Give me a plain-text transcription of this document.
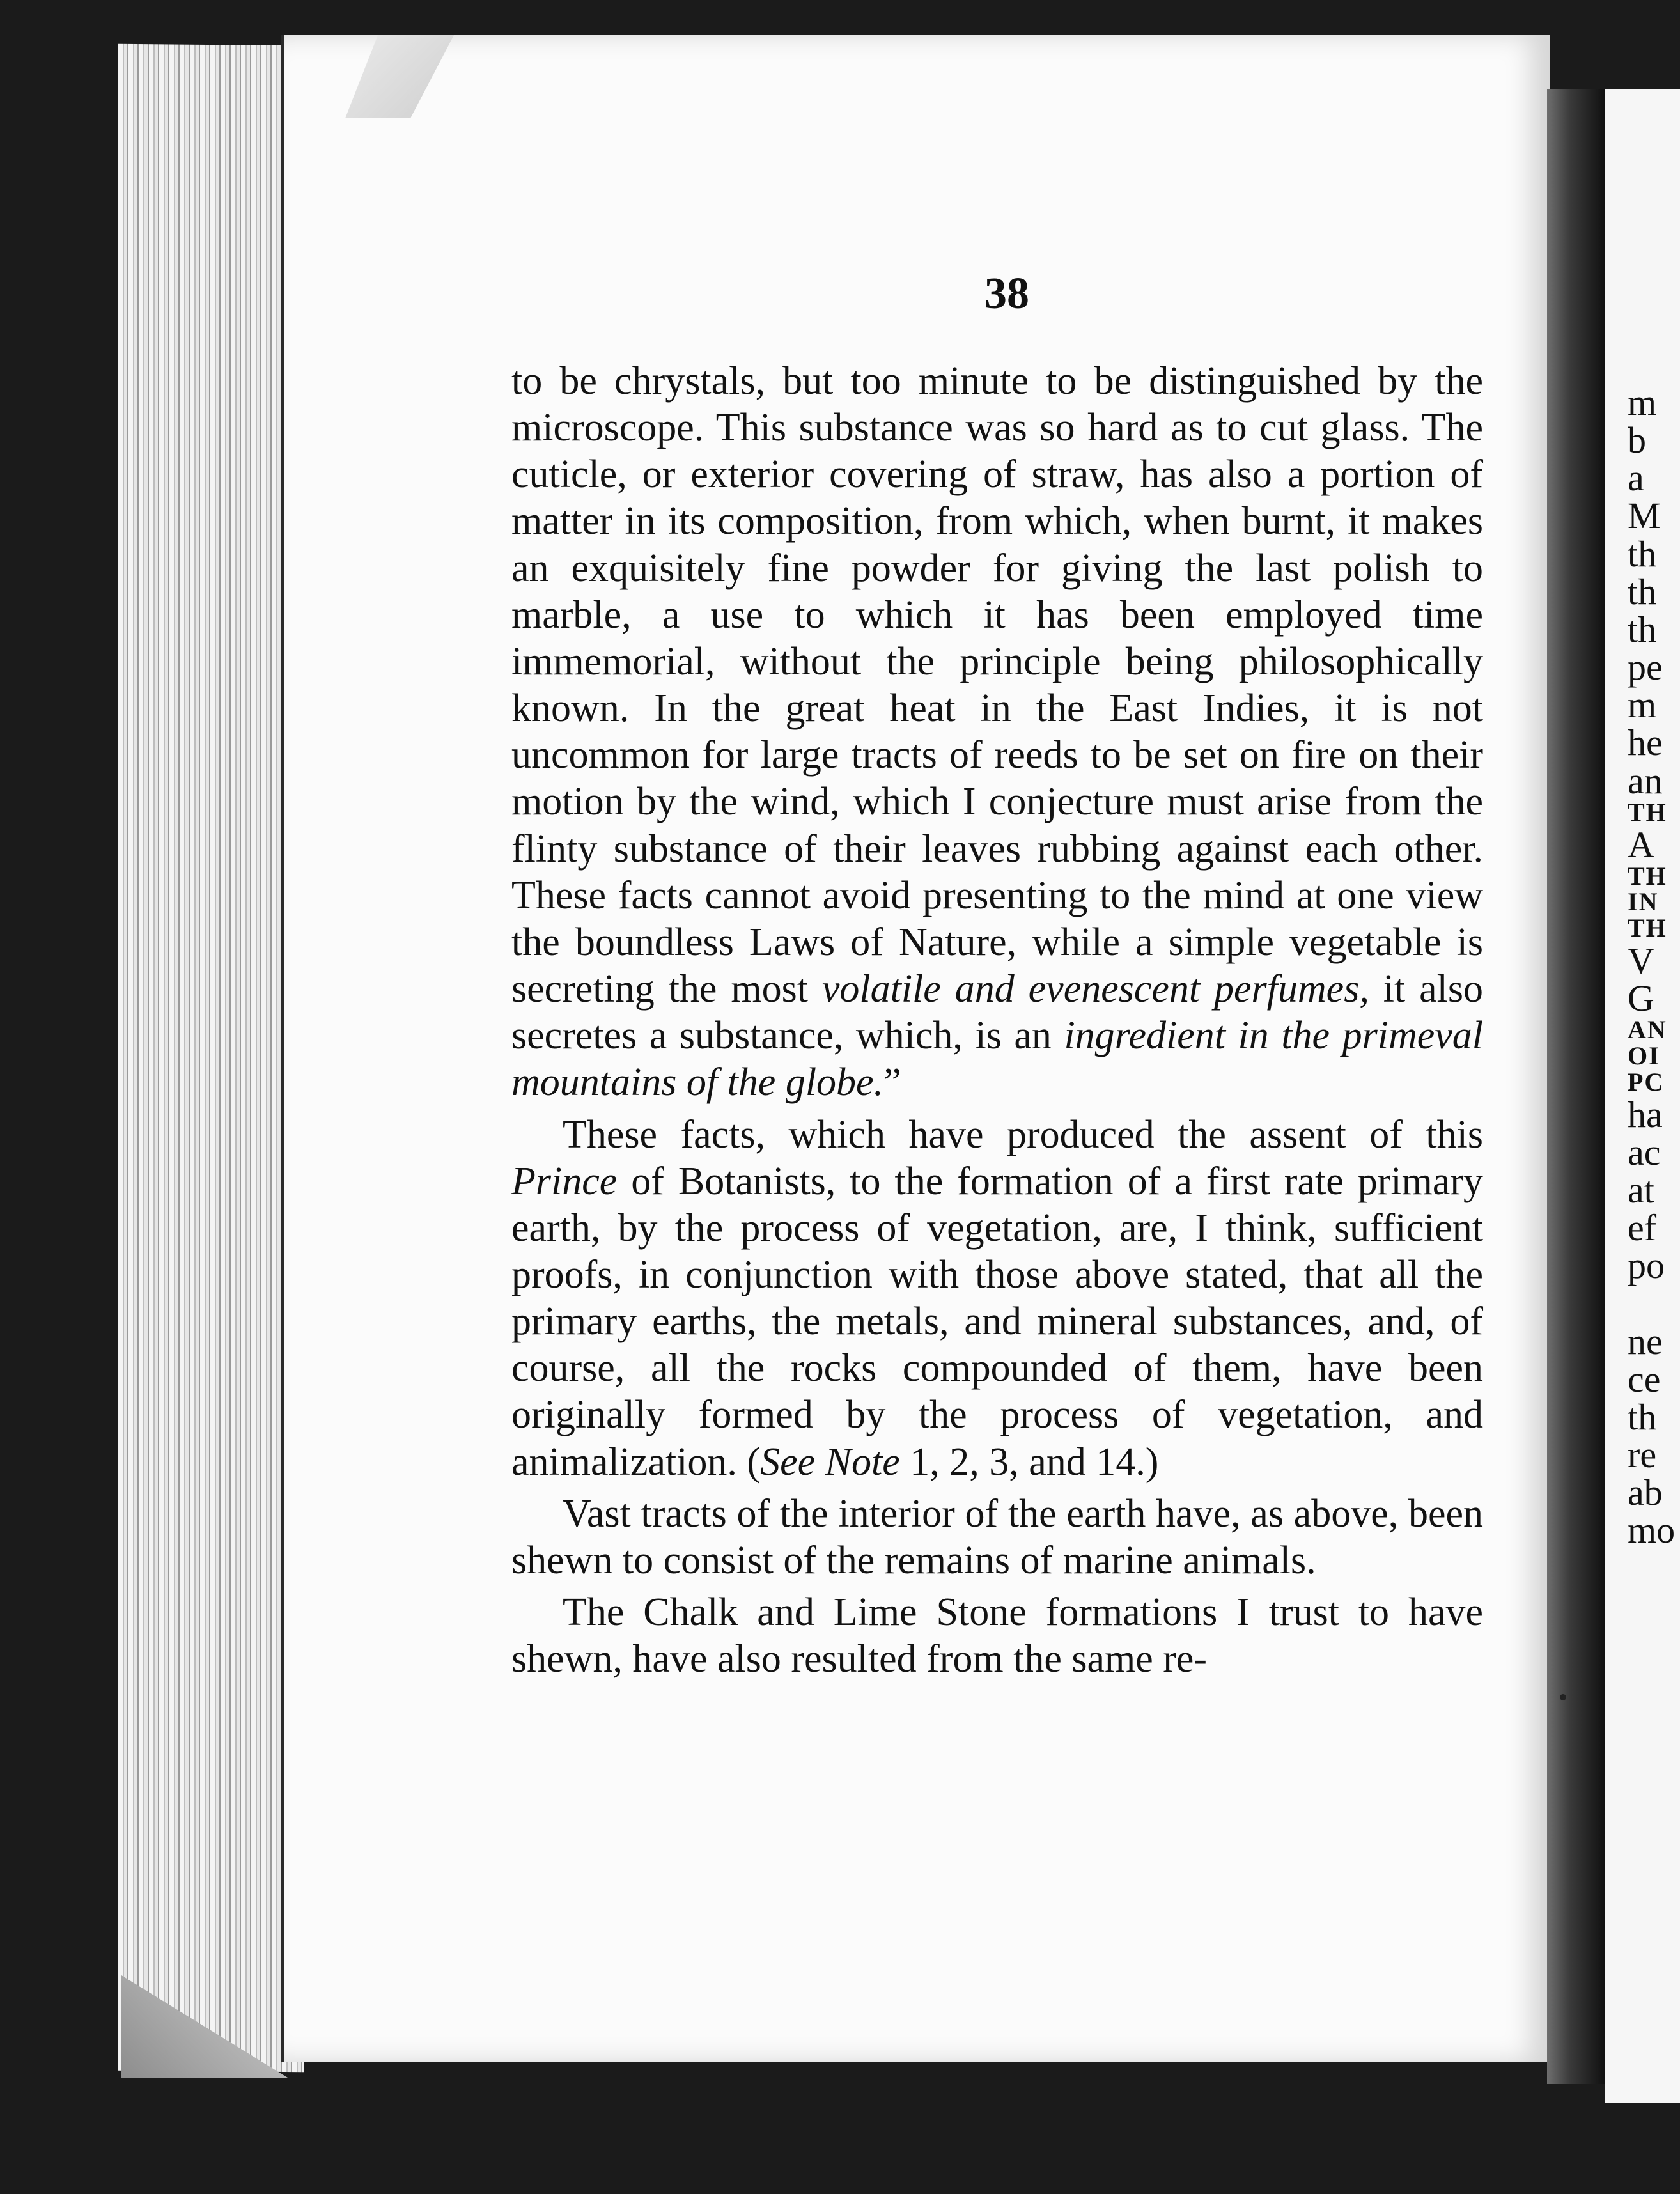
38

to be chrystals, but too minute to be distinguished by the microscope. This substance was so hard as to cut glass. The cuticle, or exterior covering of straw, has also a portion of matter in its composition, from which, when burnt, it makes an exquisitely fine powder for giving the last polish to marble, a use to which it has been employed time immemorial, without the principle being philosophically known. In the great heat in the East Indies, it is not uncommon for large tracts of reeds to be set on fire on their motion by the wind, which I conjecture must arise from the flinty substance of their leaves rubbing against each other. These facts cannot avoid presenting to the mind at one view the boundless Laws of Nature, while a simple vegetable is secreting the most volatile and evenescent perfumes, it also secretes a substance, which, is an ingredient in the primeval mountains of the globe.”

These facts, which have produced the assent of this Prince of Botanists, to the formation of a first rate primary earth, by the process of vegetation, are, I think, sufficient proofs, in conjunction with those above stated, that all the primary earths, the metals, and mineral substances, and, of course, all the rocks compounded of them, have been originally formed by the process of vegetation, and animalization. (See Note 1, 2, 3, and 14.)

Vast tracts of the interior of the earth have, as above, been shewn to consist of the remains of marine animals.

The Chalk and Lime Stone formations I trust to have shewn, have also resulted from the same re-

m
b
a
M
th
th
th
pe
m
he
an
TH
A
TH
IN
TH
V
G
AN
OI
PC
ha
ac
at
ef
po

ne
ce
th
re
ab
mo
